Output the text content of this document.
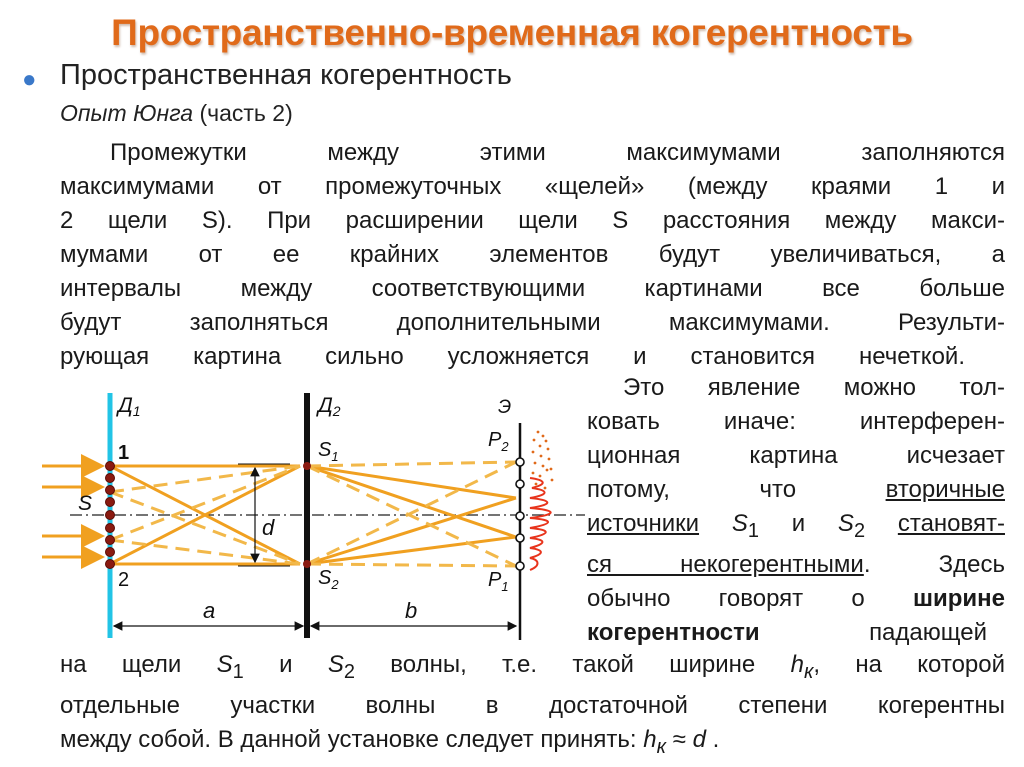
Пространственно-временная когерентность
● Пространственная когерентность
Опыт Юнга (часть 2)
Промежутки между этими максимумами заполняются
максимумами от промежуточных «щелей» (между краями 1 и
2 щели S). При расширении щели S расстояния между макси-
мумами от ее крайних элементов будут увеличиваться, а
интервалы между соответствующими картинами все больше
будут заполняться дополнительными максимумами. Результи-
рующая картина сильно усложняется и становится нечеткой.
Это явление можно тол-
ковать иначе: интерферен-
ционная картина исчезает
потому,	что	вторичные
источники $S_1$ и $S_2$ становят-
ся некогерентными.	Здесь
обычно говорят о ширине
когерентности	падающей
на щели $S_1$ и $S_2$ волны, т.е. такой ширине $h_к$, на которой
отдельные участки волны в достаточной степени когерентны
между собой. В данной установке следует принять: $h_к \approx d$ .
Д1	Д2	Э
1
2
S
$S_1$
$S_2$
$P_2$
$P_1$
d
a	b
